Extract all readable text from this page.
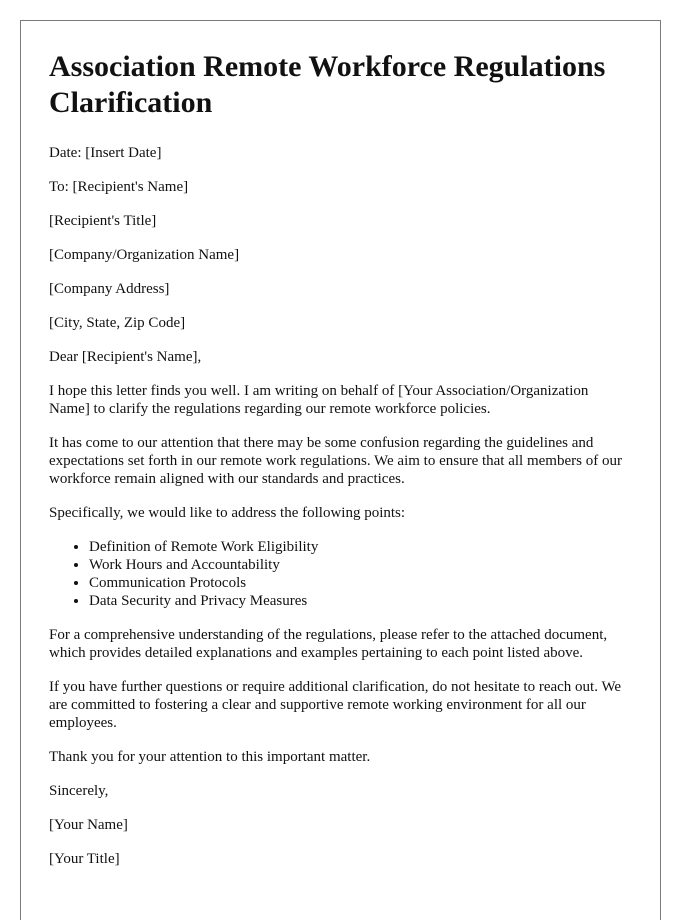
Association Remote Workforce Regulations Clarification

Date: [Insert Date]

To: [Recipient's Name]

[Recipient's Title]

[Company/Organization Name]

[Company Address]

[City, State, Zip Code]

Dear [Recipient's Name],

I hope this letter finds you well. I am writing on behalf of [Your Association/Organization Name] to clarify the regulations regarding our remote workforce policies.

It has come to our attention that there may be some confusion regarding the guidelines and expectations set forth in our remote work regulations. We aim to ensure that all members of our workforce remain aligned with our standards and practices.

Specifically, we would like to address the following points:

• Definition of Remote Work Eligibility
• Work Hours and Accountability
• Communication Protocols
• Data Security and Privacy Measures

For a comprehensive understanding of the regulations, please refer to the attached document, which provides detailed explanations and examples pertaining to each point listed above.

If you have further questions or require additional clarification, do not hesitate to reach out. We are committed to fostering a clear and supportive remote working environment for all our employees.

Thank you for your attention to this important matter.

Sincerely,

[Your Name]

[Your Title]
